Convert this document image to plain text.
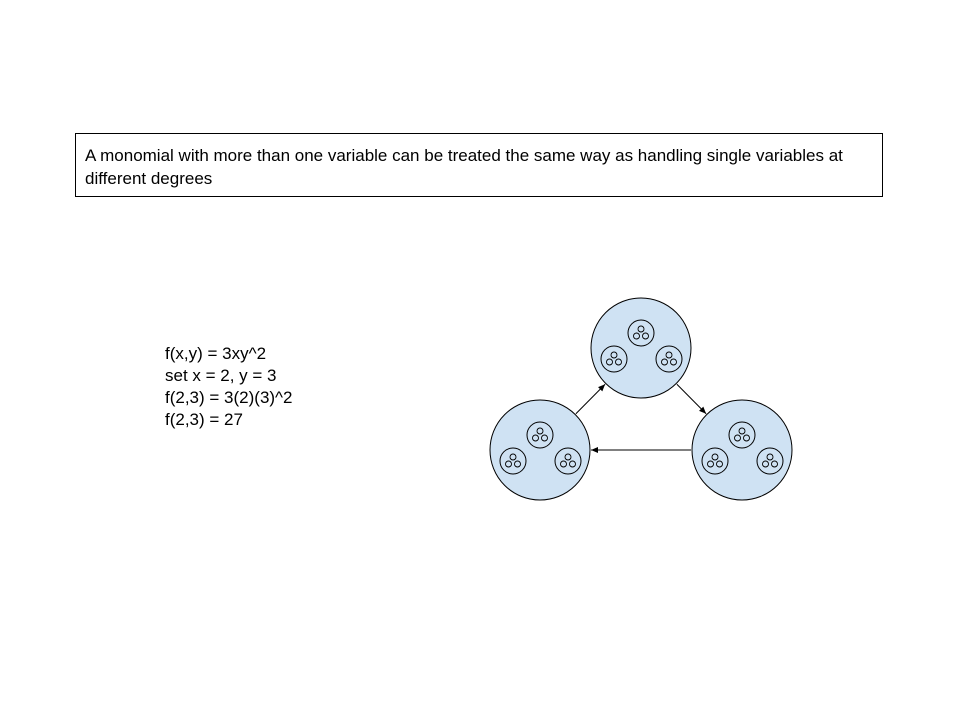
A monomial with more than one variable can be treated the same way as handling single variables at different degrees
f(x,y) = 3xy^2
set x = 2, y = 3
f(2,3) = 3(2)(3)^2
f(2,3) = 27
